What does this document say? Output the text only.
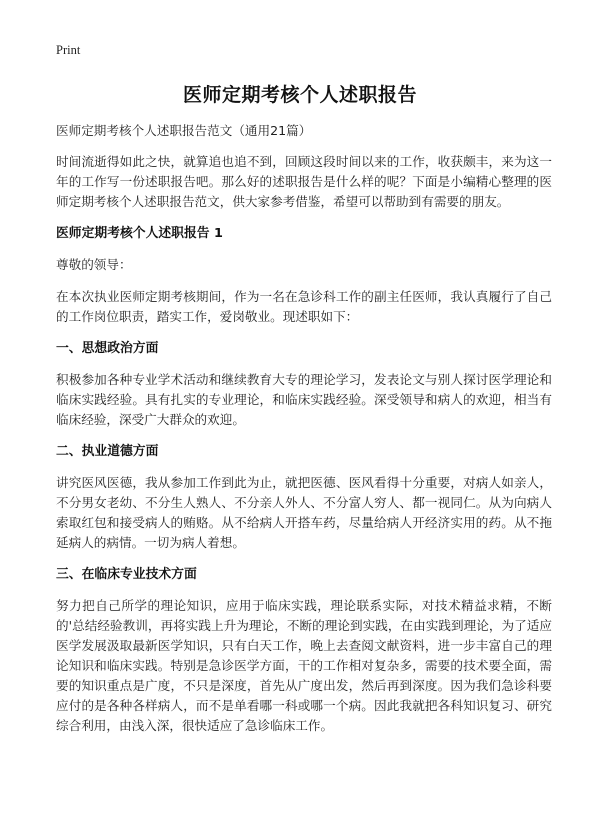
Print
医师定期考核个人述职报告

医师定期考核个人述职报告范文（通用21篇）

时间流逝得如此之快，就算追也追不到，回顾这段时间以来的工作，收获颇丰，来为这一年的工作写一份述职报告吧。那么好的述职报告是什么样的呢？下面是小编精心整理的医师定期考核个人述职报告范文，供大家参考借鉴，希望可以帮助到有需要的朋友。

医师定期考核个人述职报告 1

尊敬的领导：

在本次执业医师定期考核期间，作为一名在急诊科工作的副主任医师，我认真履行了自己的工作岗位职责，踏实工作，爱岗敬业。现述职如下：

一、思想政治方面

积极参加各种专业学术活动和继续教育大专的理论学习，发表论文与别人探讨医学理论和临床实践经验。具有扎实的专业理论，和临床实践经验。深受领导和病人的欢迎，相当有临床经验，深受广大群众的欢迎。

二、执业道德方面

讲究医风医德，我从参加工作到此为止，就把医德、医风看得十分重要，对病人如亲人，不分男女老幼、不分生人熟人、不分亲人外人、不分富人穷人、都一视同仁。从为向病人索取红包和接受病人的贿赂。从不给病人开搭车药，尽量给病人开经济实用的药。从不拖延病人的病情。一切为病人着想。

三、在临床专业技术方面

努力把自己所学的理论知识，应用于临床实践，理论联系实际，对技术精益求精，不断的'总结经验教训，再将实践上升为理论，不断的理论到实践，在由实践到理论，为了适应医学发展汲取最新医学知识，只有白天工作，晚上去查阅文献资料，进一步丰富自己的理论知识和临床实践。特别是急诊医学方面，干的工作相对复杂多，需要的技术要全面，需要的知识重点是广度，不只是深度，首先从广度出发，然后再到深度。因为我们急诊科要应付的是各种各样病人，而不是单看哪一科或哪一个病。因此我就把各科知识复习、研究综合利用，由浅入深，很快适应了急诊临床工作。
